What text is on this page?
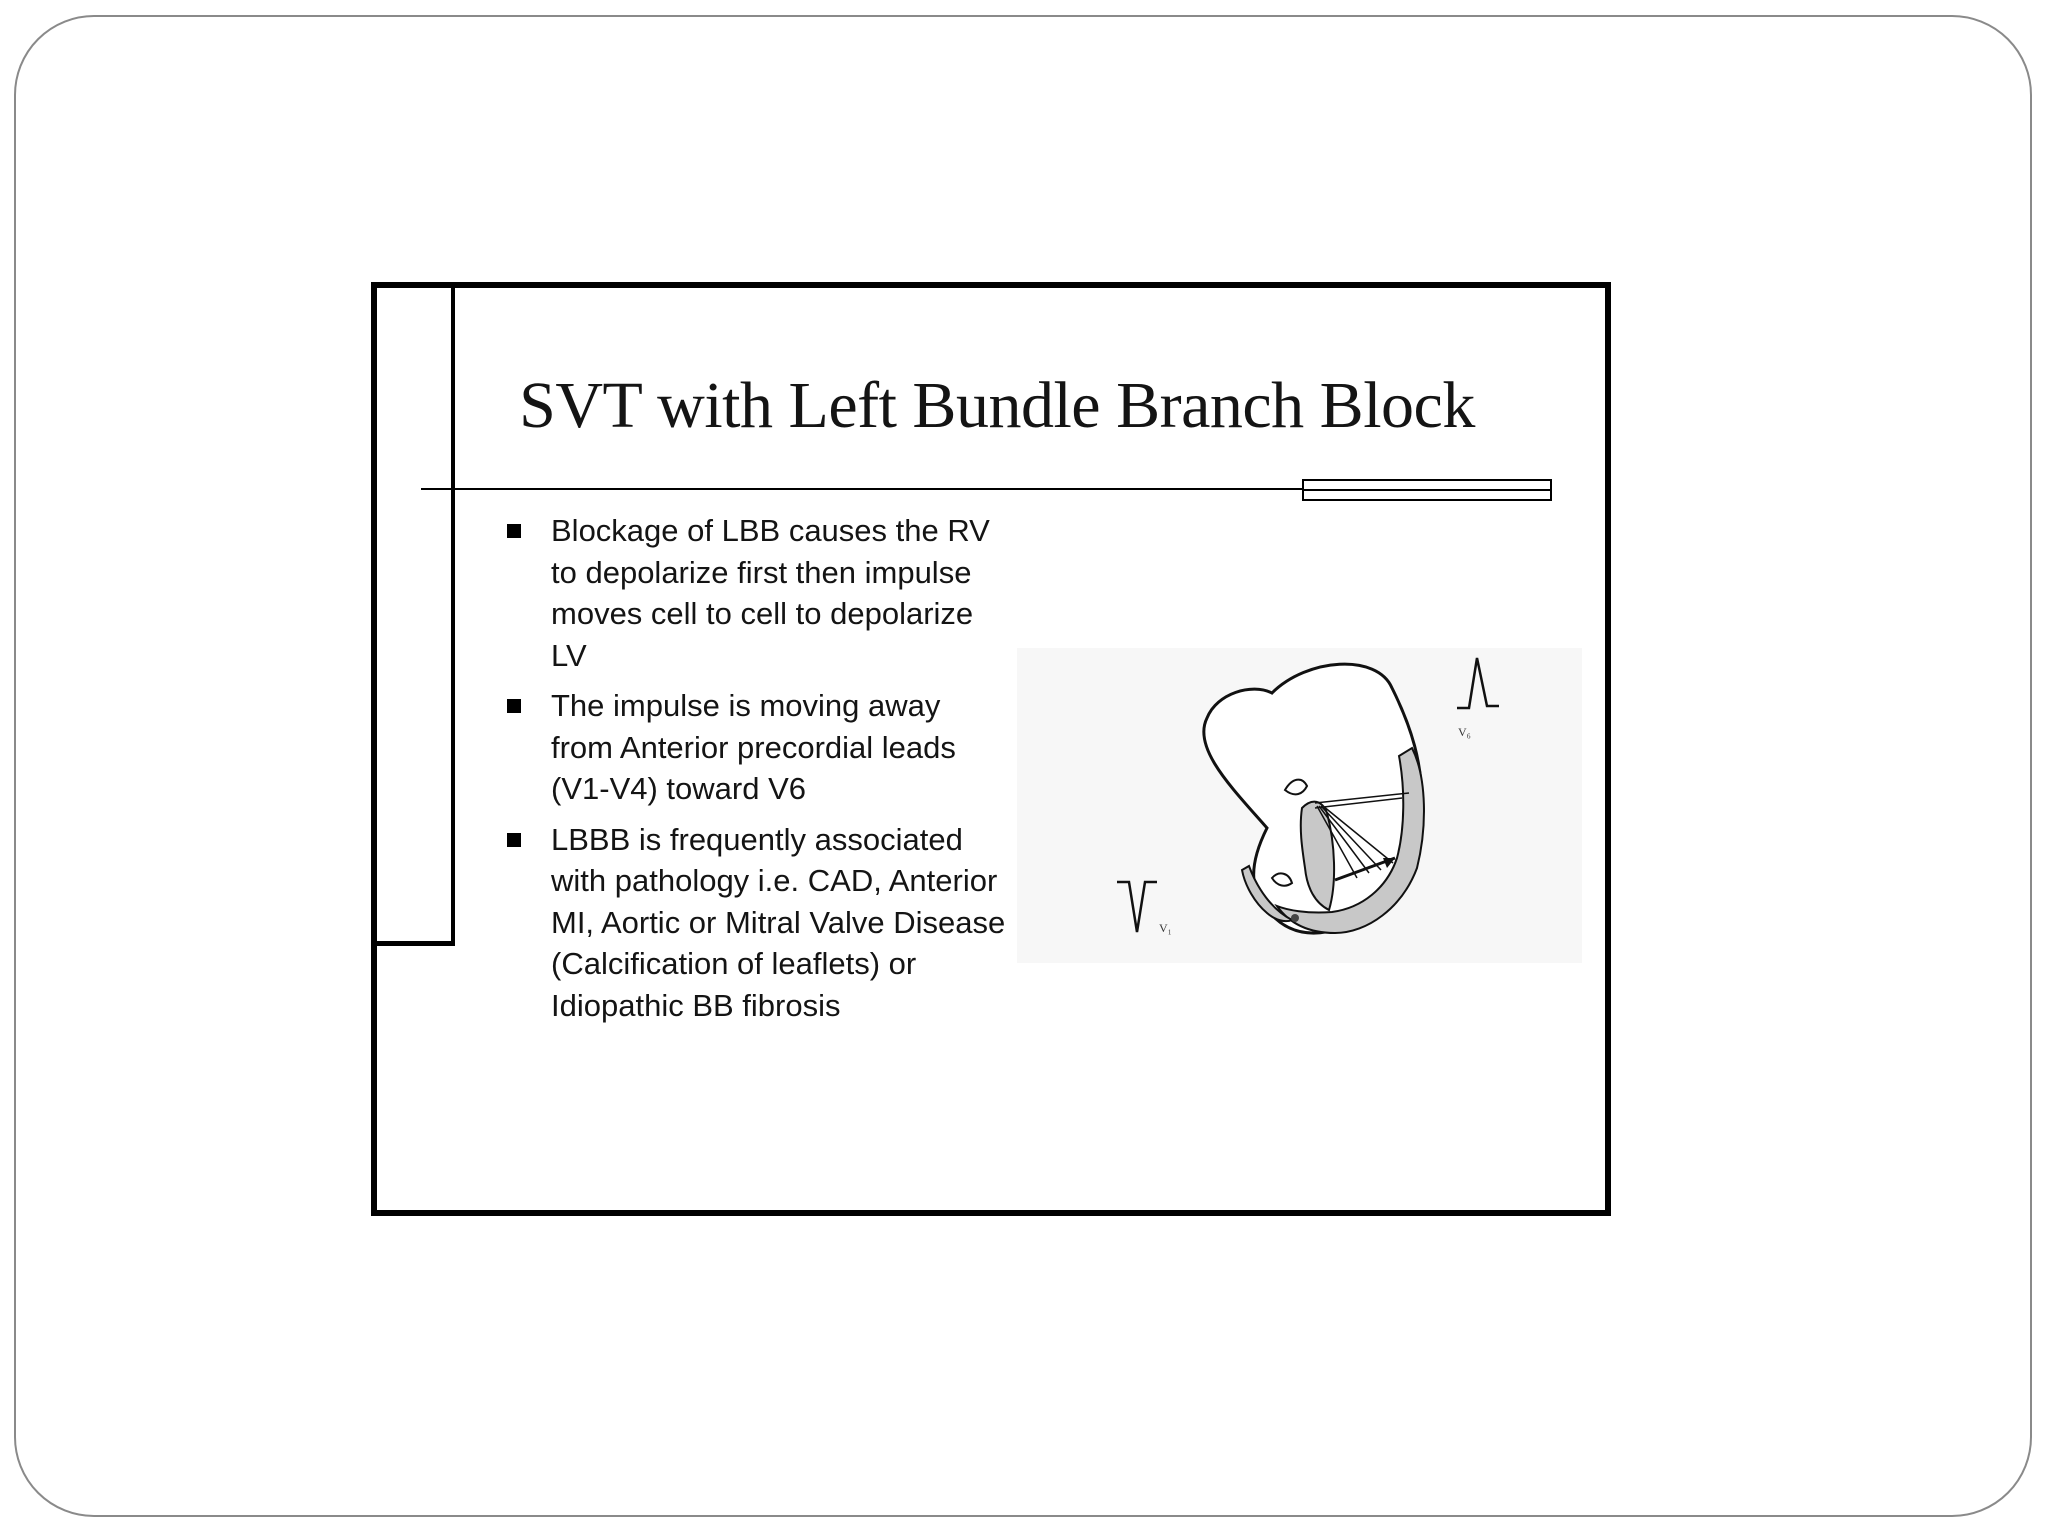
SVT with Left Bundle Branch Block
Blockage of LBB causes the RV to depolarize first then impulse moves cell to cell to depolarize LV
The impulse is moving away from Anterior precordial leads (V1-V4) toward V6
LBBB is frequently associated with pathology i.e. CAD, Anterior MI, Aortic or Mitral Valve Disease (Calcification of leaflets) or Idiopathic BB fibrosis
V₆
V₁
